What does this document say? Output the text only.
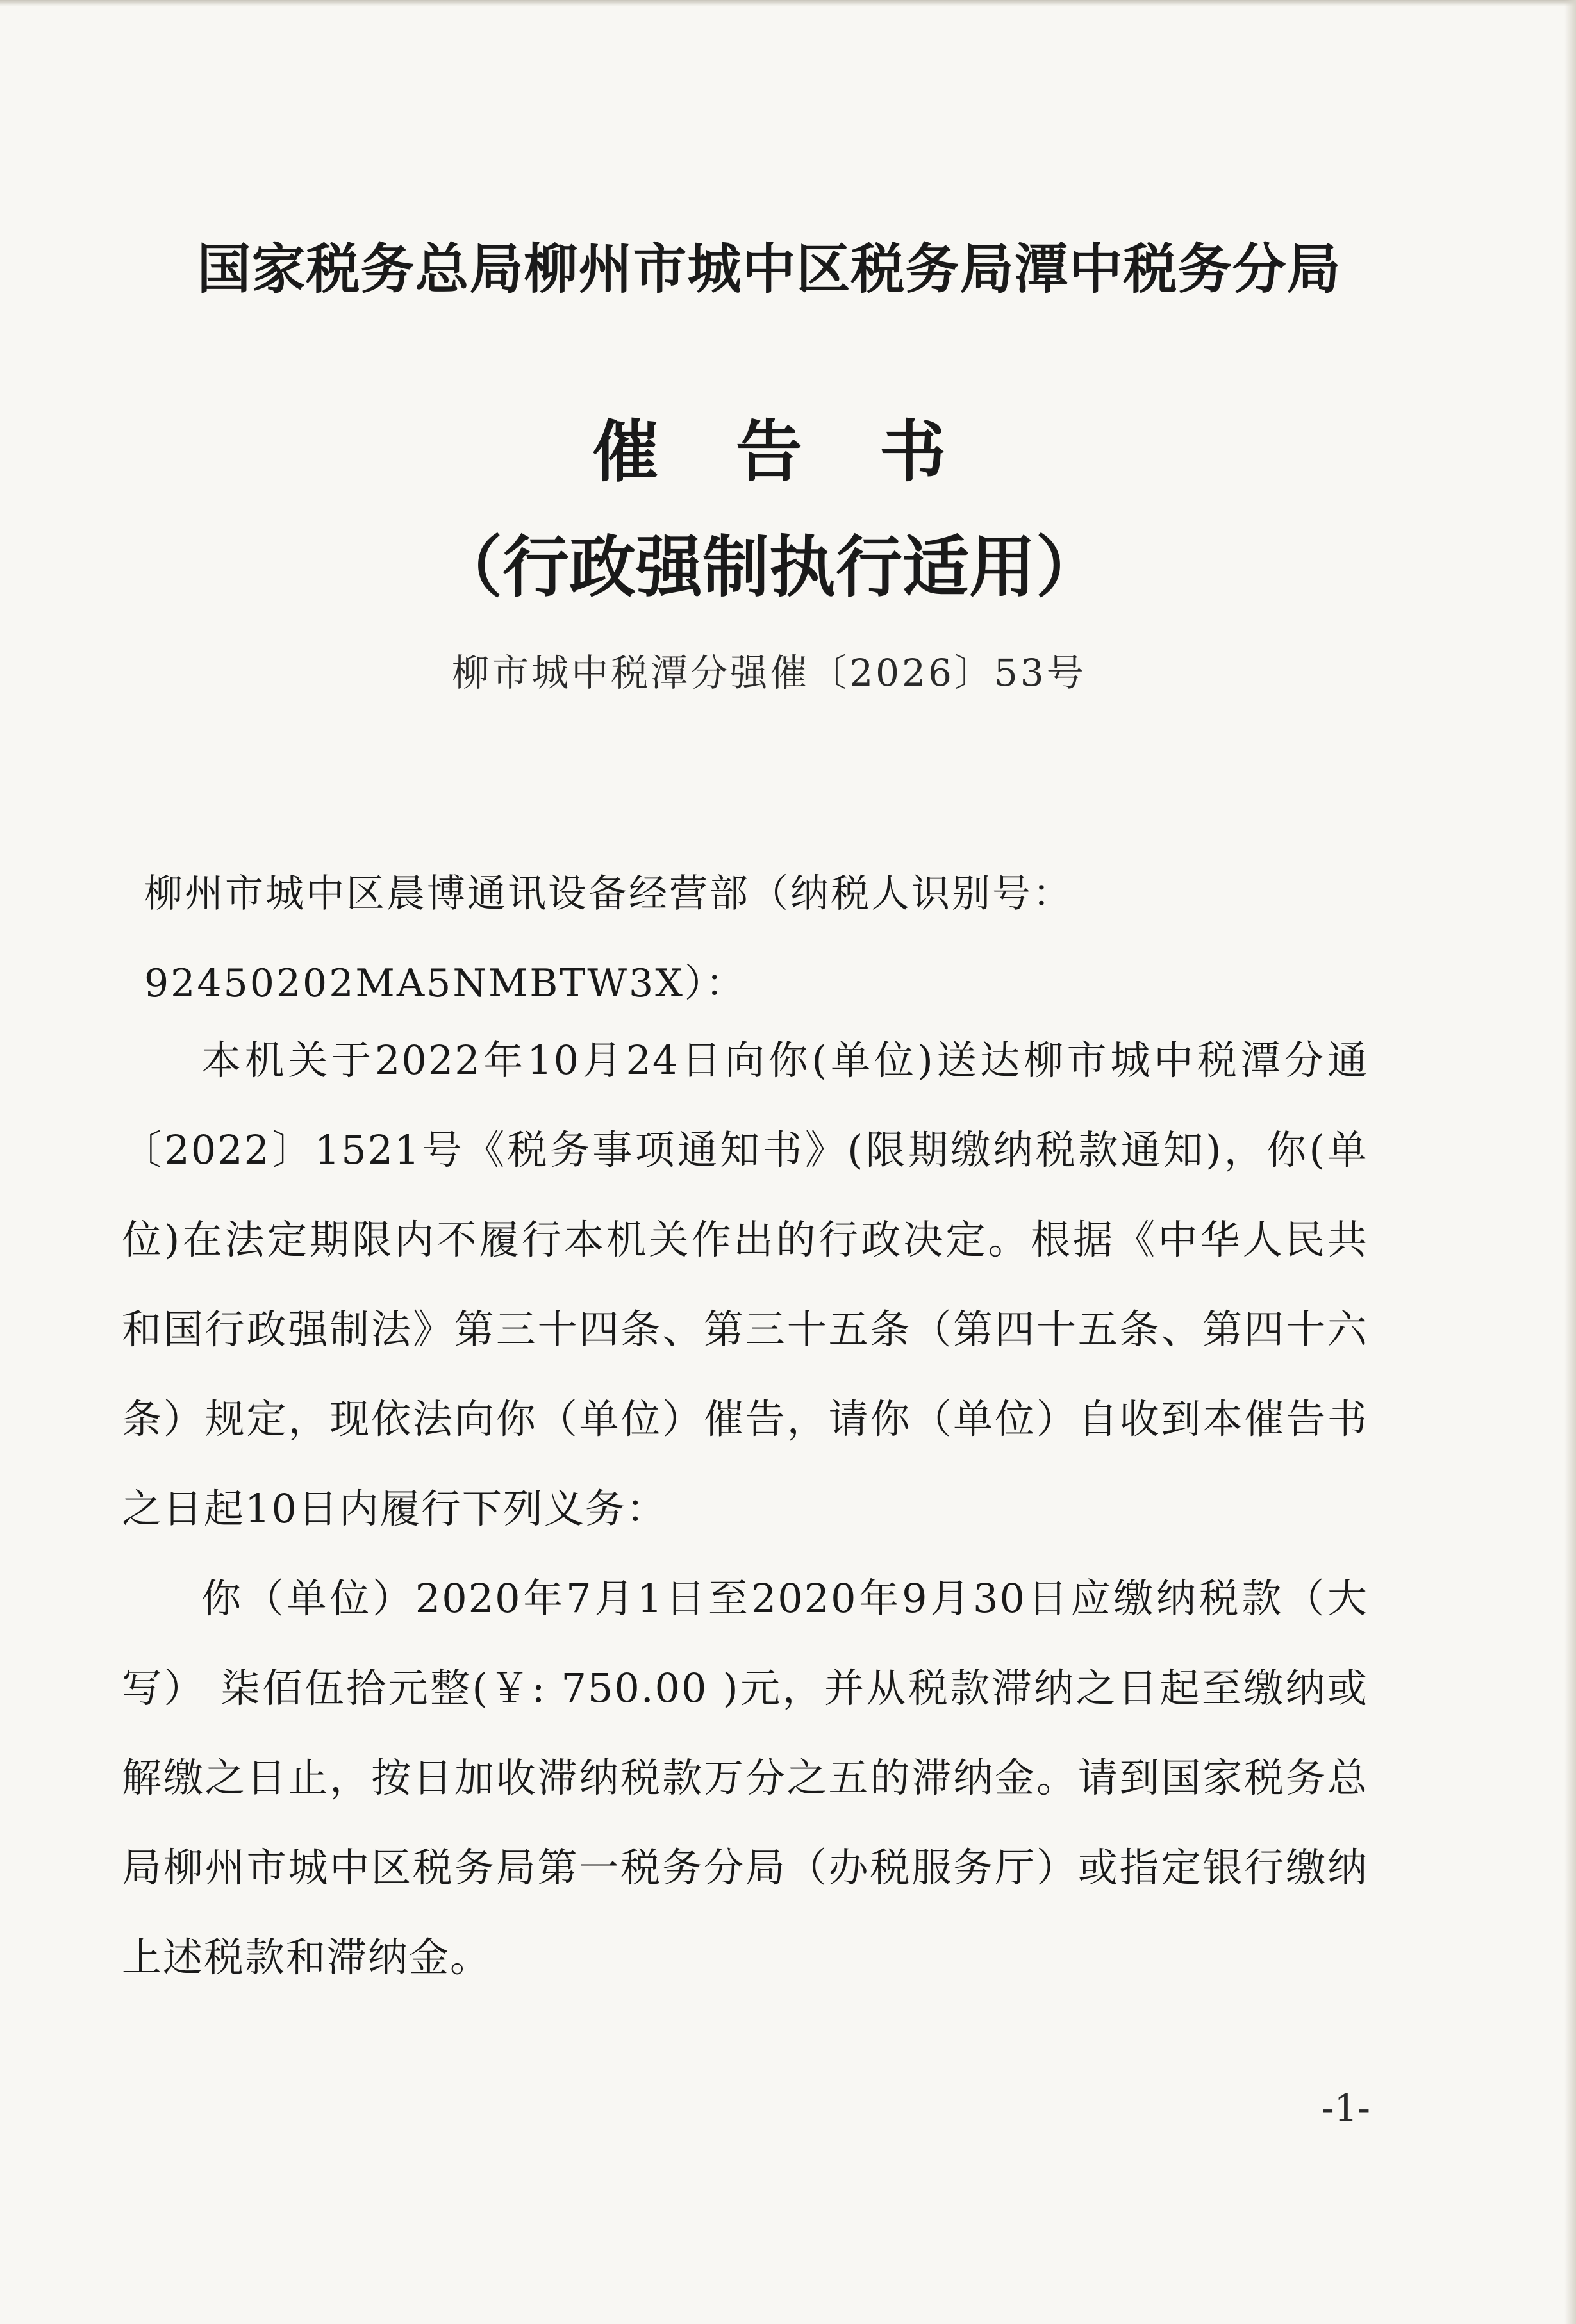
国家税务总局柳州市城中区税务局潭中税务分局
催告书
（行政强制执行适用）
柳市城中税潭分强催〔2026〕53号
柳州市城中区晨博通讯设备经营部（纳税人识别号：92450202MA5NMBTW3X）：

本机关于2022年10月24日向你(单位)送达柳市城中税潭分通〔2022〕1521号《税务事项通知书》(限期缴纳税款通知)，你(单位)在法定期限内不履行本机关作出的行政决定。根据《中华人民共和国行政强制法》第三十四条、第三十五条（第四十五条、第四十六条）规定，现依法向你（单位）催告，请你（单位）自收到本催告书之日起10日内履行下列义务：

你（单位）2020年7月1日至2020年9月30日应缴纳税款（大写） 柒佰伍拾元整(￥: 750.00 )元，并从税款滞纳之日起至缴纳或解缴之日止，按日加收滞纳税款万分之五的滞纳金。请到国家税务总局柳州市城中区税务局第一税务分局（办税服务厅）或指定银行缴纳上述税款和滞纳金。

-1-
